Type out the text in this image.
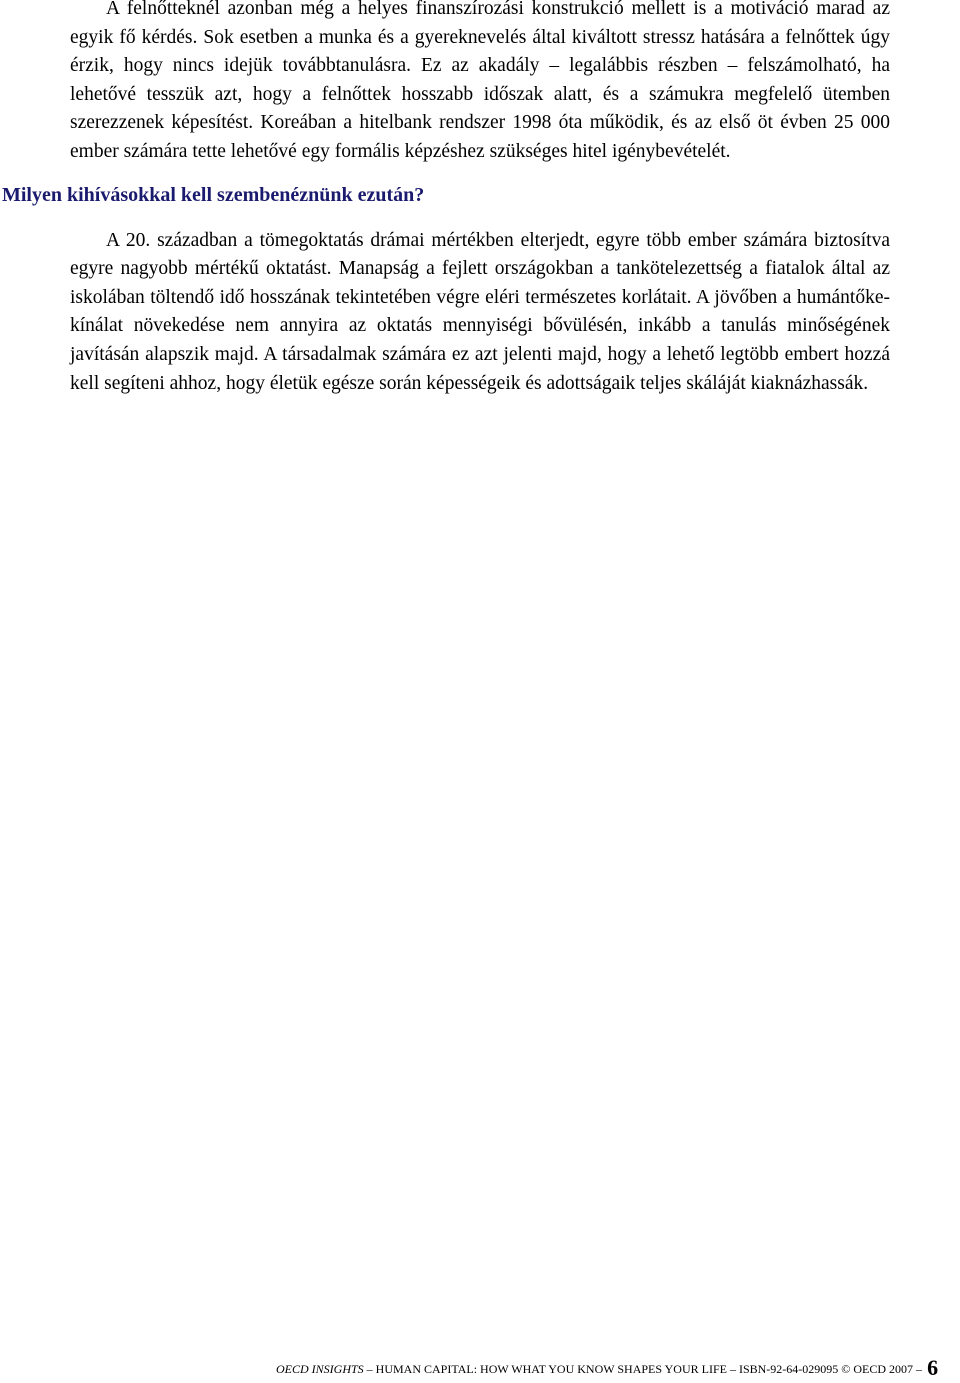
A felnőtteknél azonban még a helyes finanszírozási konstrukció mellett is a motiváció marad az egyik fő kérdés. Sok esetben a munka és a gyereknevelés által kiváltott stressz hatására a felnőttek úgy érzik, hogy nincs idejük továbbtanulásra. Ez az akadály – legalábbis részben – felszámolható, ha lehetővé tesszük azt, hogy a felnőttek hosszabb időszak alatt, és a számukra megfelelő ütemben szerezzenek képesítést. Koreában a hitelbank rendszer 1998 óta működik, és az első öt évben 25 000 ember számára tette lehetővé egy formális képzéshez szükséges hitel igénybevételét.

Milyen kihívásokkal kell szembenéznünk ezután?

A 20. században a tömegoktatás drámai mértékben elterjedt, egyre több ember számára biztosítva egyre nagyobb mértékű oktatást. Manapság a fejlett országokban a tankötelezettség a fiatalok által az iskolában töltendő idő hosszának tekintetében végre eléri természetes korlátait. A jövőben a humántőke-kínálat növekedése nem annyira az oktatás mennyiségi bővülésén, inkább a tanulás minőségének javításán alapszik majd. A társadalmak számára ez azt jelenti majd, hogy a lehető legtöbb embert hozzá kell segíteni ahhoz, hogy életük egésze során képességeik és adottságaik teljes skáláját kiaknázhassák.

OECD INSIGHTS – HUMAN CAPITAL: HOW WHAT YOU KNOW SHAPES YOUR LIFE – ISBN-92-64-029095 © OECD 2007 – 6
